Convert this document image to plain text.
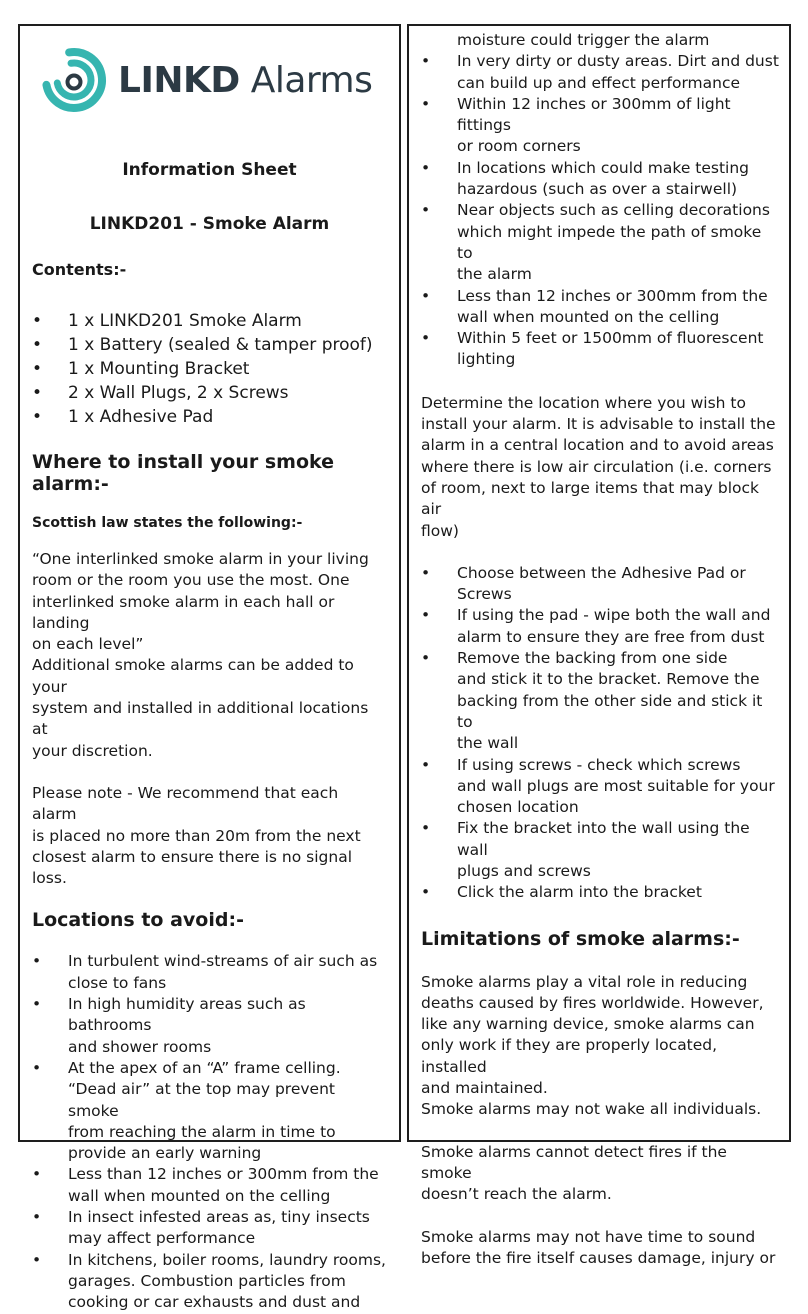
LINKD Alarms

Information Sheet

LINKD201 - Smoke Alarm

Contents:-

• 1 x LINKD201 Smoke Alarm
• 1 x Battery (sealed & tamper proof)
• 1 x Mounting Bracket
• 2 x Wall Plugs, 2 x Screws
• 1 x Adhesive Pad

Where to install your smoke alarm:-

Scottish law states the following:-

“One interlinked smoke alarm in your living
room or the room you use the most. One
interlinked smoke alarm in each hall or landing
on each level”
Additional smoke alarms can be added to your
system and installed in additional locations at
your discretion.
Please note - We recommend that each alarm
is placed no more than 20m from the next
closest alarm to ensure there is no signal loss.

Locations to avoid:-

• In turbulent wind-streams of air such as
close to fans
• In high humidity areas such as bathrooms
and shower rooms
• At the apex of an “A” frame celling.
“Dead air” at the top may prevent smoke
from reaching the alarm in time to
provide an early warning
• Less than 12 inches or 300mm from the
wall when mounted on the celling
• In insect infested areas as, tiny insects
may affect performance
• In kitchens, boiler rooms, laundry rooms,
garages. Combustion particles from
cooking or car exhausts and dust and
moisture could trigger the alarm
• In very dirty or dusty areas. Dirt and dust
can build up and effect performance
• Within 12 inches or 300mm of light fittings
or room corners
• In locations which could make testing
hazardous (such as over a stairwell)
• Near objects such as celling decorations
which might impede the path of smoke to
the alarm
• Less than 12 inches or 300mm from the
wall when mounted on the celling
• Within 5 feet or 1500mm of fluorescent
lighting
Determine the location where you wish to
install your alarm. It is advisable to install the
alarm in a central location and to avoid areas
where there is low air circulation (i.e. corners
of room, next to large items that may block air
flow)
• Choose between the Adhesive Pad or
Screws
• If using the pad - wipe both the wall and
alarm to ensure they are free from dust
• Remove the backing from one side
and stick it to the bracket. Remove the
backing from the other side and stick it to
the wall
• If using screws - check which screws
and wall plugs are most suitable for your
chosen location
• Fix the bracket into the wall using the wall
plugs and screws
• Click the alarm into the bracket

Limitations of smoke alarms:-

Smoke alarms play a vital role in reducing
deaths caused by fires worldwide. However,
like any warning device, smoke alarms can
only work if they are properly located, installed
and maintained.
Smoke alarms may not wake all individuals.
Smoke alarms cannot detect fires if the smoke
doesn’t reach the alarm.
Smoke alarms may not have time to sound
before the fire itself causes damage, injury or
